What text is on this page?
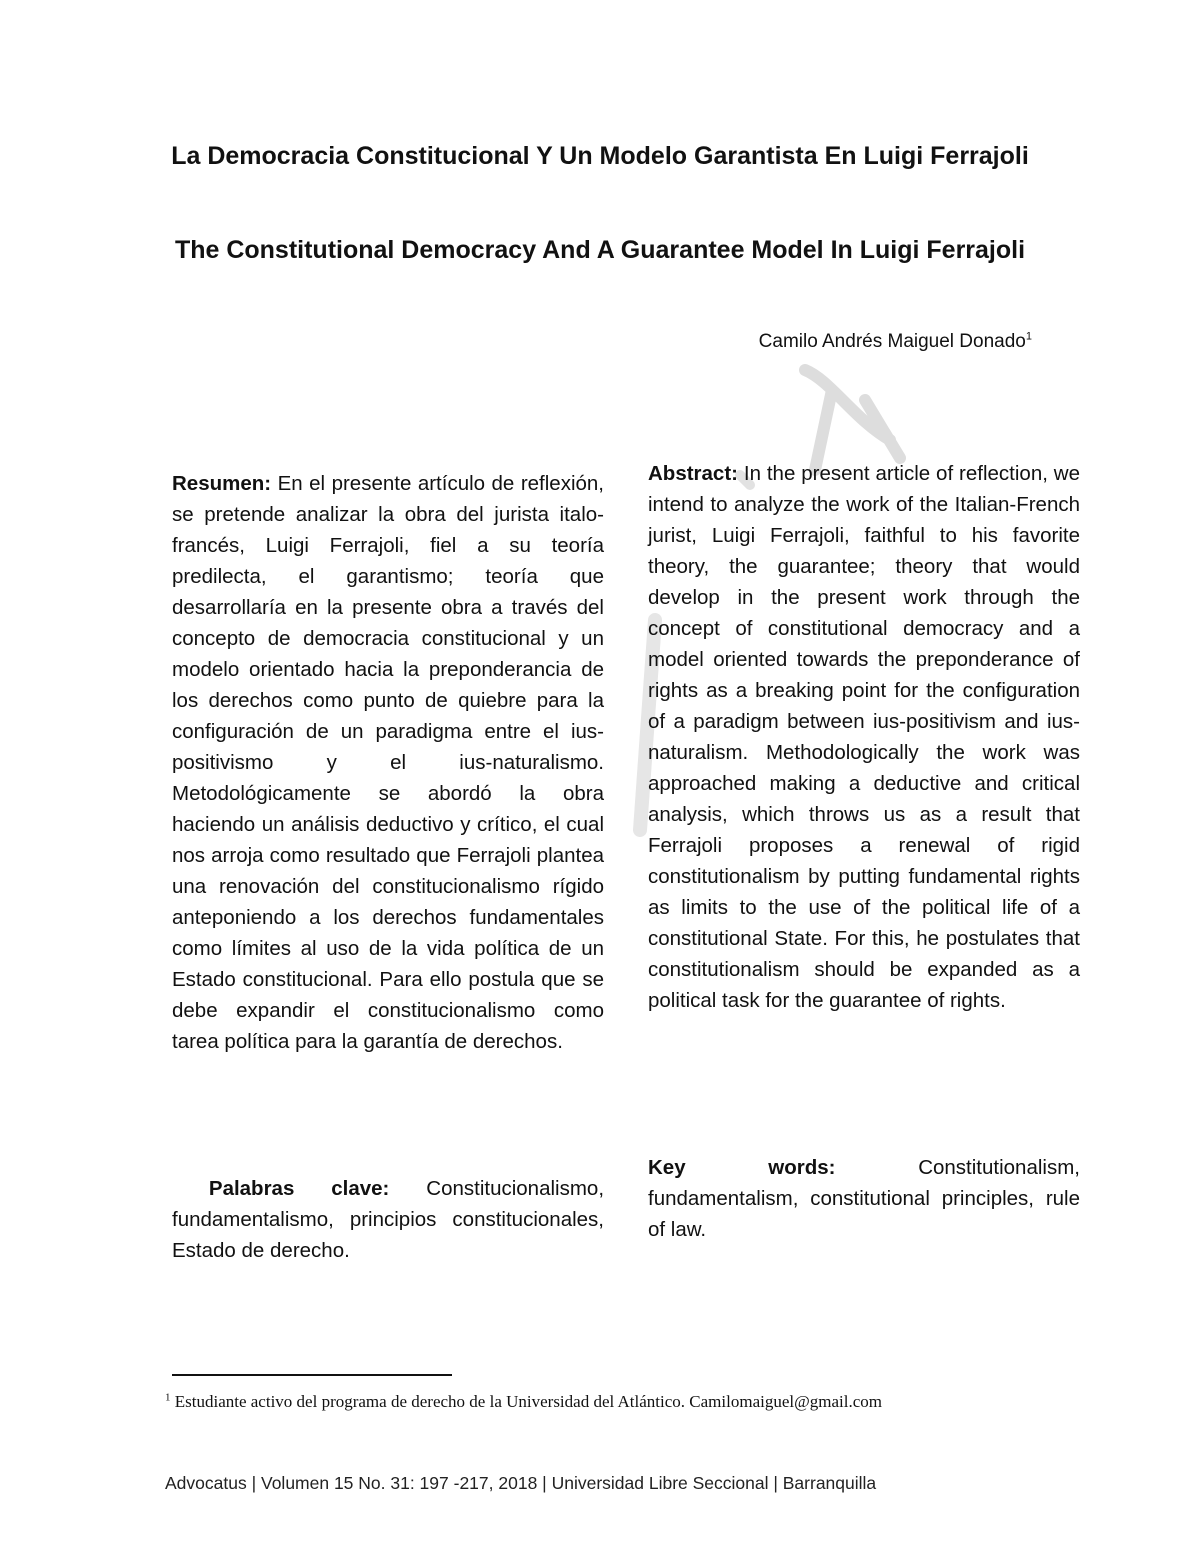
La Democracia Constitucional Y Un Modelo Garantista En Luigi Ferrajoli
The Constitutional Democracy And A Guarantee Model In Luigi Ferrajoli
Camilo Andrés Maiguel Donado$^1$
Resumen: En el presente artículo de reflexión, se pretende analizar la obra del jurista italo-francés, Luigi Ferrajoli, fiel a su teoría predilecta, el garantismo; teoría que desarrollaría en la presente obra a través del concepto de democracia constitucional y un modelo orientado hacia la preponderancia de los derechos como punto de quiebre para la configuración de un paradigma entre el ius-positivismo y el ius-naturalismo. Metodológicamente se abordó la obra haciendo un análisis deductivo y crítico, el cual nos arroja como resultado que Ferrajoli plantea una renovación del constitucionalismo rígido anteponiendo a los derechos fundamentales como límites al uso de la vida política de un Estado constitucional. Para ello postula que se debe expandir el constitucionalismo como tarea política para la garantía de derechos.
Abstract: In the present article of reflection, we intend to analyze the work of the Italian-French jurist, Luigi Ferrajoli, faithful to his favorite theory, the guarantee; theory that would develop in the present work through the concept of constitutional democracy and a model oriented towards the preponderance of rights as a breaking point for the configuration of a paradigm between ius-positivism and ius-naturalism. Methodologically the work was approached making a deductive and critical analysis, which throws us as a result that Ferrajoli proposes a renewal of rigid constitutionalism by putting fundamental rights as limits to the use of the political life of a constitutional State. For this, he postulates that constitutionalism should be expanded as a political task for the guarantee of rights.
Palabras clave: Constitucionalismo, fundamentalismo, principios constitucionales, Estado de derecho.
Key words:	Constitutionalism, fundamentalism, constitutional principles, rule of law.
$^1$ Estudiante activo del programa de derecho de la Universidad del Atlántico. Camilomaiguel@gmail.com
Advocatus | Volumen 15 No. 31: 197 -217, 2018 | Universidad Libre Seccional | Barranquilla
